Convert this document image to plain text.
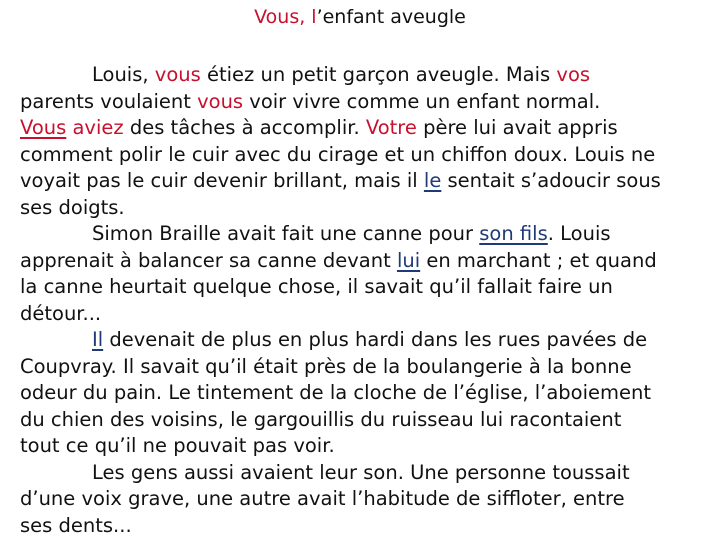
Vous, l’enfant aveugle
Louis, vous étiez un petit garçon aveugle. Mais vos
parents voulaient vous voir vivre comme un enfant normal.
Vous aviez des tâches à accomplir. Votre père lui avait appris
comment polir le cuir avec du cirage et un chiffon doux. Louis ne
voyait pas le cuir devenir brillant, mais il le sentait s’adoucir sous
ses doigts.
Simon Braille avait fait une canne pour son fils. Louis
apprenait à balancer sa canne devant lui en marchant ; et quand
la canne heurtait quelque chose, il savait qu’il fallait faire un
détour...
Il devenait de plus en plus hardi dans les rues pavées de
Coupvray. Il savait qu’il était près de la boulangerie à la bonne
odeur du pain. Le tintement de la cloche de l’église, l’aboiement
du chien des voisins, le gargouillis du ruisseau lui racontaient
tout ce qu’il ne pouvait pas voir.
Les gens aussi avaient leur son. Une personne toussait
d’une voix grave, une autre avait l’habitude de siffloter, entre
ses dents...
